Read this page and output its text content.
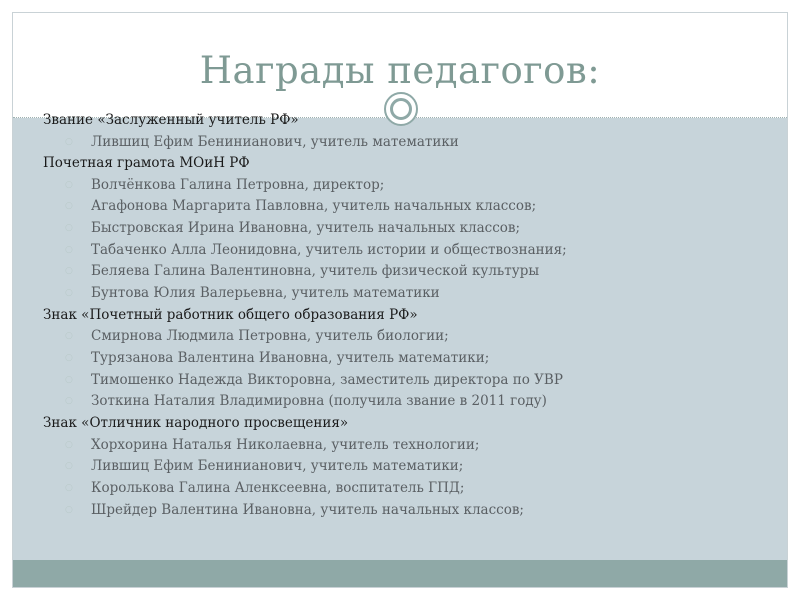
Награды педагогов:
Звание «Заслуженный учитель РФ»
○ Лившиц Ефим Бенинианович, учитель математики
Почетная грамота МОиН РФ
○ Волчёнкова Галина Петровна, директор;
○ Агафонова Маргарита Павловна, учитель начальных классов;
○ Быстровская Ирина Ивановна, учитель начальных классов;
○ Табаченко Алла Леонидовна, учитель истории и обществознания;
○ Беляева Галина Валентиновна, учитель физической культуры
○ Бунтова Юлия Валерьевна, учитель математики
Знак «Почетный работник общего образования РФ»
○ Смирнова Людмила Петровна, учитель биологии;
○ Турязанова Валентина Ивановна, учитель математики;
○ Тимошенко Надежда Викторовна, заместитель директора по УВР
○ Зоткина Наталия Владимировна (получила звание в 2011 году)
Знак «Отличник народного просвещения»
○ Хорхорина Наталья Николаевна, учитель технологии;
○ Лившиц Ефим Бенинианович, учитель математики;
○ Королькова Галина Аленксеевна, воспитатель ГПД;
○ Шрейдер Валентина Ивановна, учитель начальных классов;
